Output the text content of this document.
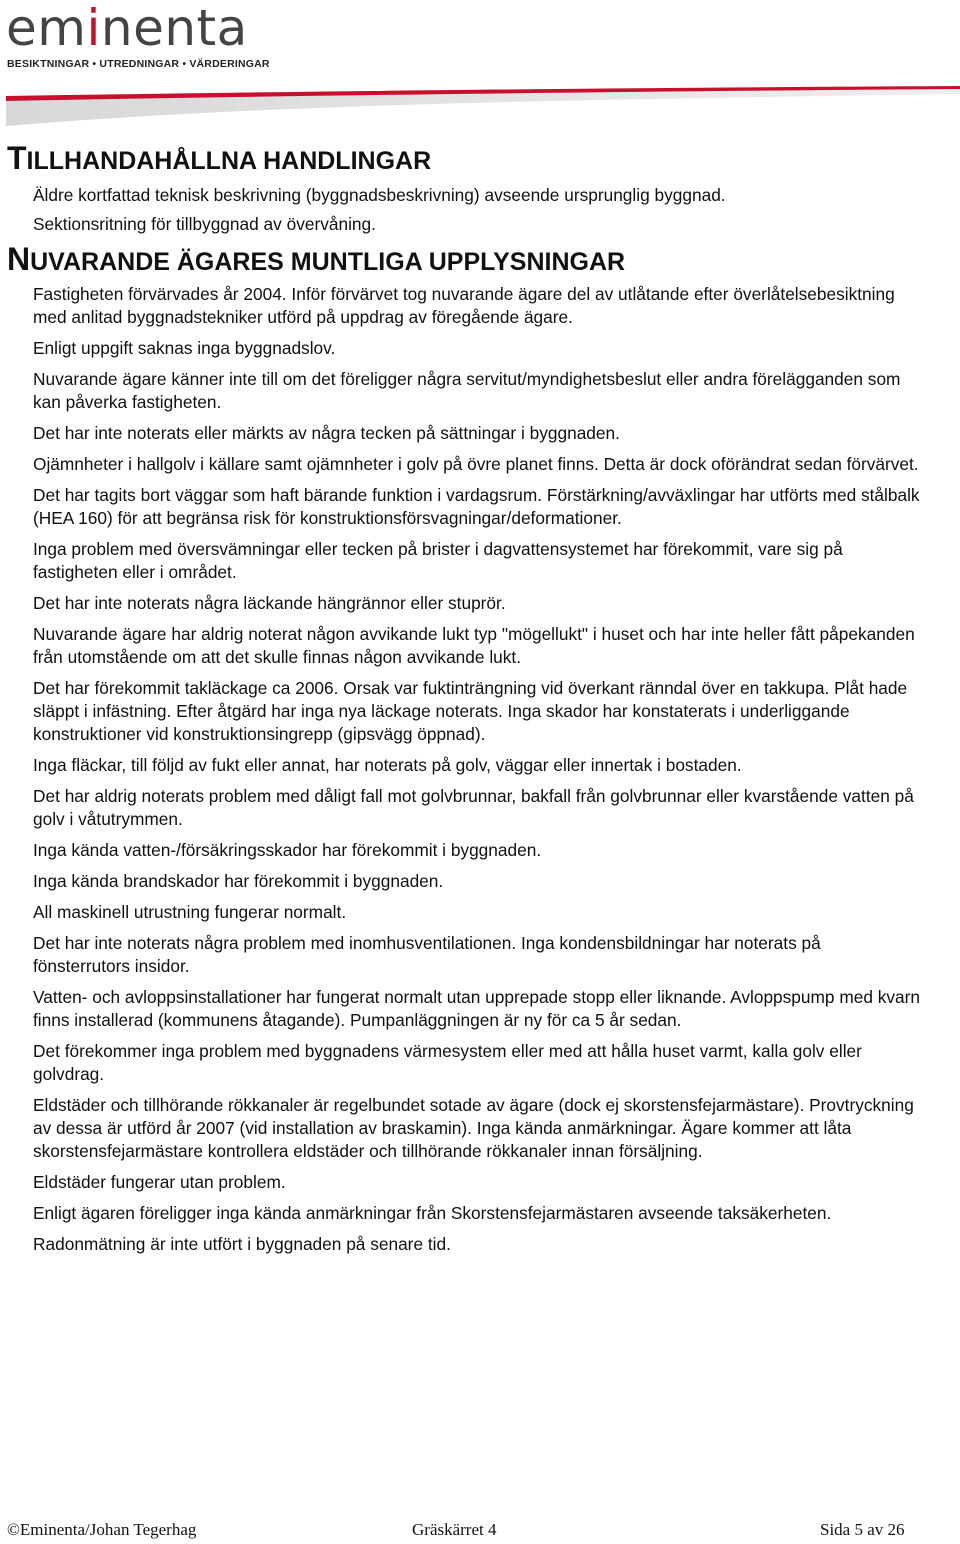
eminenta
BESIKTNINGAR • UTREDNINGAR • VÄRDERINGAR
TILLHANDAHÅLLNA HANDLINGAR

Äldre kortfattad teknisk beskrivning (byggnadsbeskrivning) avseende ursprunglig byggnad.

Sektionsritning för tillbyggnad av övervåning.

NUVARANDE ÄGARES MUNTLIGA UPPLYSNINGAR

Fastigheten förvärvades år 2004. Inför förvärvet tog nuvarande ägare del av utlåtande efter överlåtelsebesiktning med anlitad byggnadstekniker utförd på uppdrag av föregående ägare.

Enligt uppgift saknas inga byggnadslov.

Nuvarande ägare känner inte till om det föreligger några servitut/myndighetsbeslut eller andra förelägganden som kan påverka fastigheten.

Det har inte noterats eller märkts av några tecken på sättningar i byggnaden.

Ojämnheter i hallgolv i källare samt ojämnheter i golv på övre planet finns. Detta är dock oförändrat sedan förvärvet.

Det har tagits bort väggar som haft bärande funktion i vardagsrum. Förstärkning/avväxlingar har utförts med stålbalk (HEA 160) för att begränsa risk för konstruktionsförsvagningar/deformationer.

Inga problem med översvämningar eller tecken på brister i dagvattensystemet har förekommit, vare sig på fastigheten eller i området.

Det har inte noterats några läckande hängrännor eller stuprör.

Nuvarande ägare har aldrig noterat någon avvikande lukt typ "mögellukt" i huset och har inte heller fått påpekanden från utomstående om att det skulle finnas någon avvikande lukt.

Det har förekommit takläckage ca 2006. Orsak var fuktinträngning vid överkant ränndal över en takkupa. Plåt hade släppt i infästning. Efter åtgärd har inga nya läckage noterats. Inga skador har konstaterats i underliggande konstruktioner vid konstruktionsingrepp (gipsvägg öppnad).

Inga fläckar, till följd av fukt eller annat, har noterats på golv, väggar eller innertak i bostaden.

Det har aldrig noterats problem med dåligt fall mot golvbrunnar, bakfall från golvbrunnar eller kvarstående vatten på golv i våtutrymmen.

Inga kända vatten-/försäkringsskador har förekommit i byggnaden.

Inga kända brandskador har förekommit i byggnaden.

All maskinell utrustning fungerar normalt.

Det har inte noterats några problem med inomhusventilationen. Inga kondensbildningar har noterats på fönsterrutors insidor.

Vatten- och avloppsinstallationer har fungerat normalt utan upprepade stopp eller liknande. Avloppspump med kvarn finns installerad (kommunens åtagande). Pumpanläggningen är ny för ca 5 år sedan.

Det förekommer inga problem med byggnadens värmesystem eller med att hålla huset varmt, kalla golv eller golvdrag.

Eldstäder och tillhörande rökkanaler är regelbundet sotade av ägare (dock ej skorstensfejarmästare). Provtryckning av dessa är utförd år 2007 (vid installation av braskamin). Inga kända anmärkningar. Ägare kommer att låta skorstensfejarmästare kontrollera eldstäder och tillhörande rökkanaler innan försäljning.

Eldstäder fungerar utan problem.

Enligt ägaren föreligger inga kända anmärkningar från Skorstensfejarmästaren avseende taksäkerheten.

Radonmätning är inte utfört i byggnaden på senare tid.

©Eminenta/Johan Tegerhag	Gräskärret 4	Sida 5 av 26
